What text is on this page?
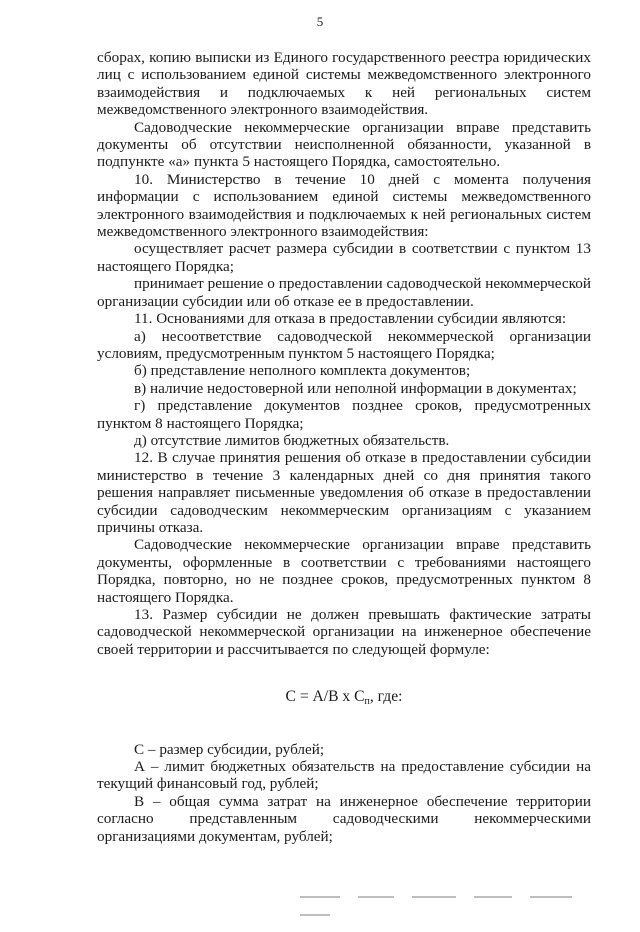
5

сборах, копию выписки из Единого государственного реестра юридических лиц с использованием единой системы межведомственного электронного взаимодействия и подключаемых к ней региональных систем межведомственного электронного взаимодействия.

Садоводческие некоммерческие организации вправе представить документы об отсутствии неисполненной обязанности, указанной в подпункте «а» пункта 5 настоящего Порядка, самостоятельно.

10. Министерство в течение 10 дней с момента получения информации с использованием единой системы межведомственного электронного взаимодействия и подключаемых к ней региональных систем межведомственного электронного взаимодействия:

осуществляет расчет размера субсидии в соответствии с пунктом 13 настоящего Порядка;

принимает решение о предоставлении садоводческой некоммерческой организации субсидии или об отказе ее в предоставлении.

11. Основаниями для отказа в предоставлении субсидии являются:

а) несоответствие садоводческой некоммерческой организации условиям, предусмотренным пунктом 5 настоящего Порядка;

б) представление неполного комплекта документов;

в) наличие недостоверной или неполной информации в документах;

г) представление документов позднее сроков, предусмотренных пунктом 8 настоящего Порядка;

д) отсутствие лимитов бюджетных обязательств.

12. В случае принятия решения об отказе в предоставлении субсидии министерство в течение 3 календарных дней со дня принятия такого решения направляет письменные уведомления об отказе в предоставлении субсидии садоводческим некоммерческим организациям с указанием причины отказа.

Садоводческие некоммерческие организации вправе представить документы, оформленные в соответствии с требованиями настоящего Порядка, повторно, но не позднее сроков, предусмотренных пунктом 8 настоящего Порядка.

13. Размер субсидии не должен превышать фактические затраты садоводческой некоммерческой организации на инженерное обеспечение своей территории и рассчитывается по следующей формуле:

С = А/В х $С_п$, где:

С – размер субсидии, рублей;

А – лимит бюджетных обязательств на предоставление субсидии на текущий финансовый год, рублей;

В – общая сумма затрат на инженерное обеспечение территории согласно представленным садоводческими некоммерческими организациями документам, рублей;
